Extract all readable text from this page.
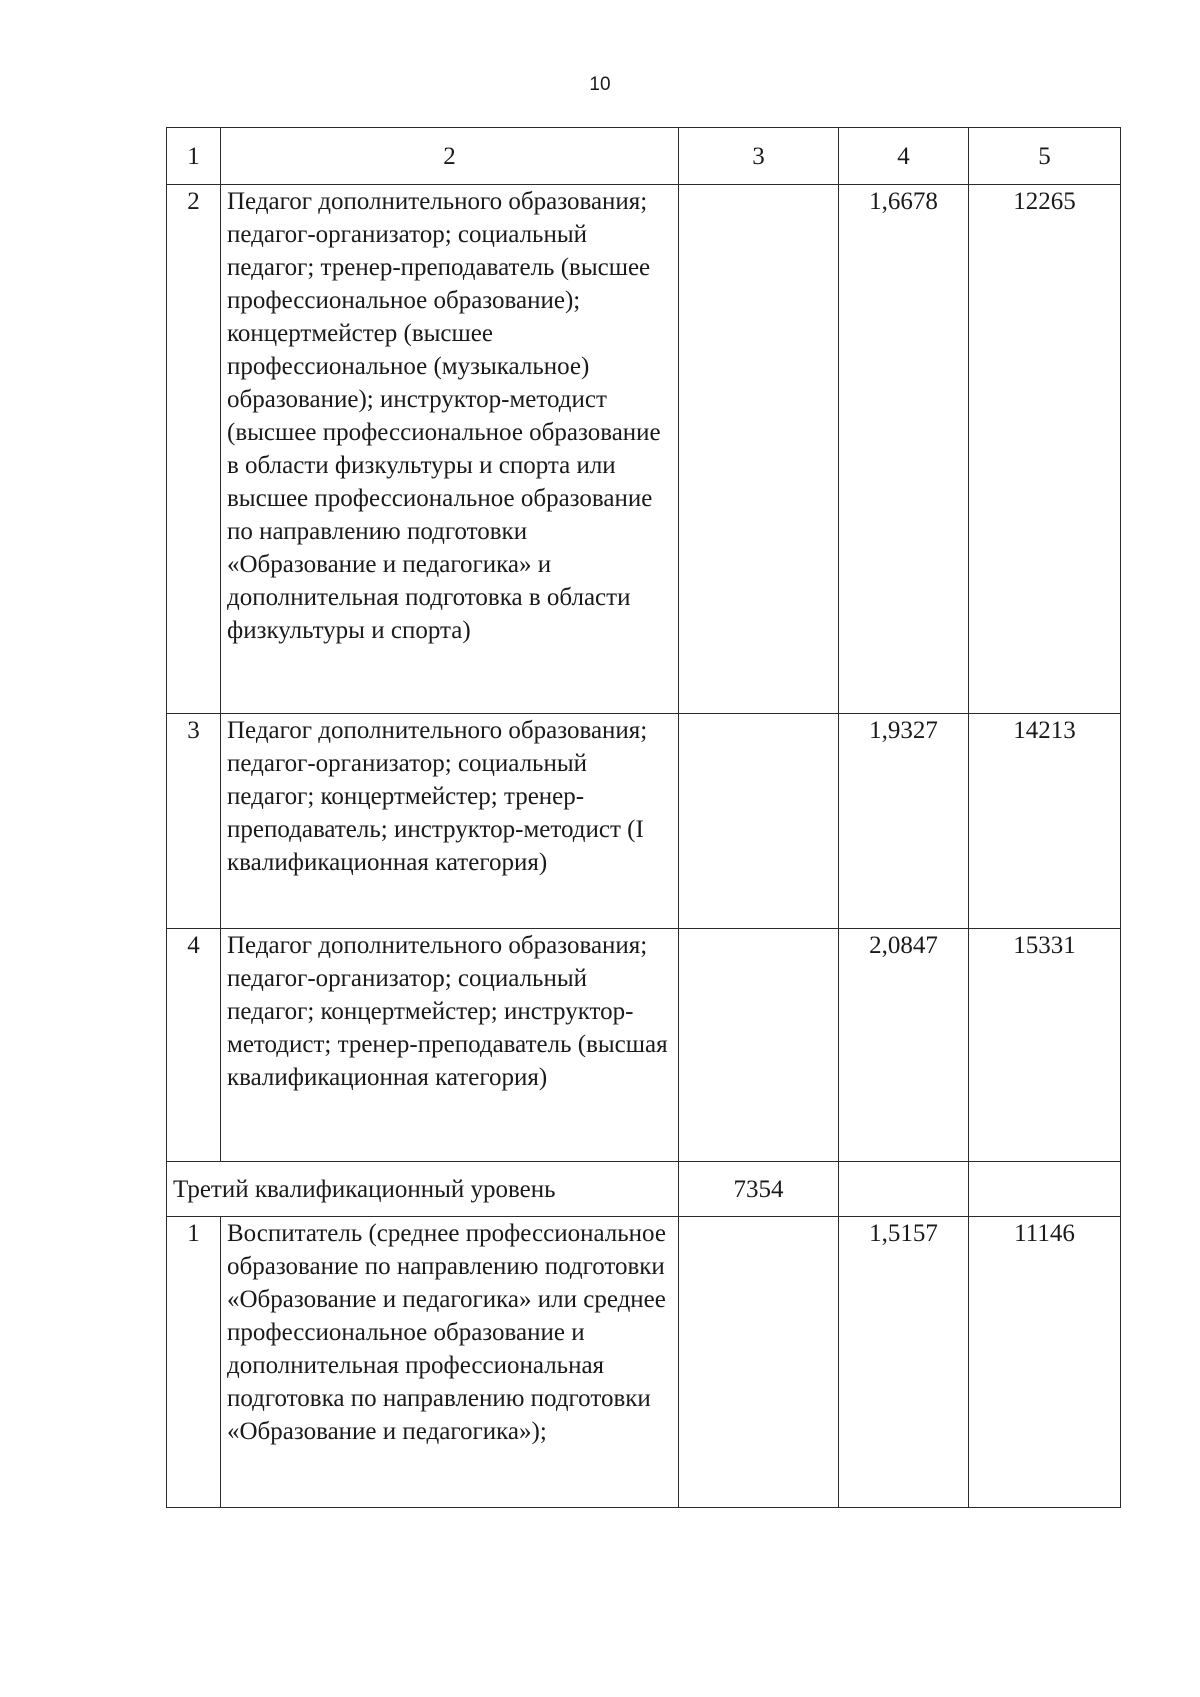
10
1	2	3	4	5
2	Педагог дополнительного образования; педагог-организатор; социальный педагог; тренер-преподаватель (высшее профессиональное образование); концертмейстер (высшее профессиональное (музыкальное) образование); инструктор-методист (высшее профессиональное образование в области физкультуры и спорта или высшее профессиональное образование по направлению подготовки «Образование и педагогика» и дополнительная подготовка в области физкультуры и спорта)		1,6678	12265
3	Педагог дополнительного образования; педагог-организатор; социальный педагог; концертмейстер; тренер-преподаватель; инструктор-методист (I квалификационная категория)		1,9327	14213
4	Педагог дополнительного образования; педагог-организатор; социальный педагог; концертмейстер; инструктор-методист; тренер-преподаватель (высшая квалификационная категория)		2,0847	15331
Третий квалификационный уровень		7354		
1	Воспитатель (среднее профессиональное образование по направлению подготовки «Образование и педагогика» или среднее профессиональное образование и дополнительная профессиональная подготовка по направлению подготовки «Образование и педагогика»);		1,5157	11146
